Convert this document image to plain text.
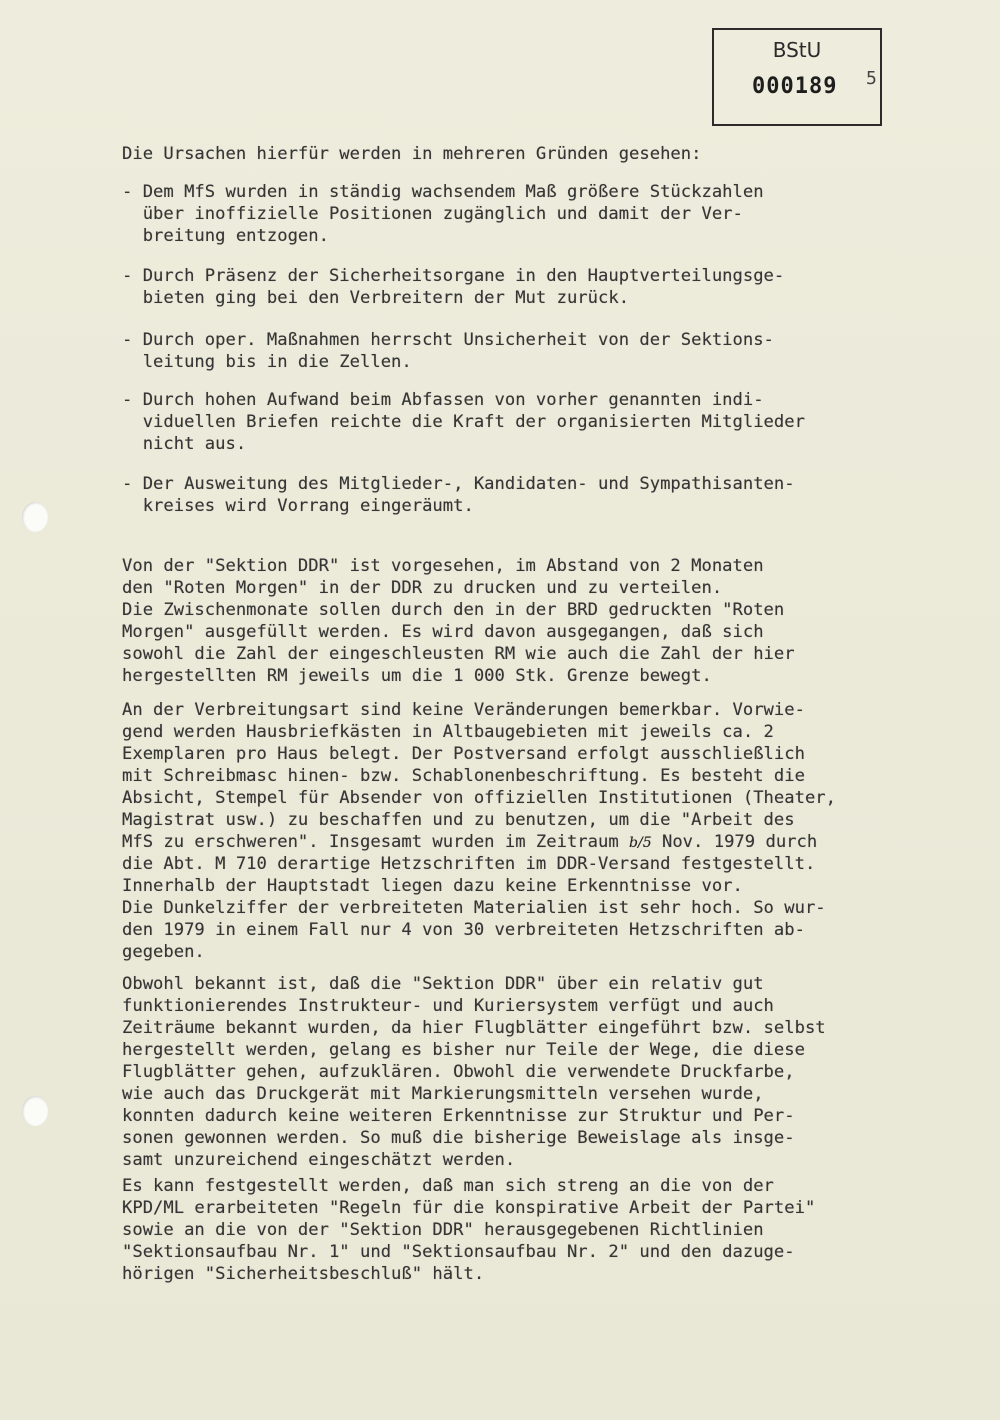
BStU
000189 5
Die Ursachen hierfür werden in mehreren Gründen gesehen:
- Dem MfS wurden in ständig wachsendem Maß größere Stückzahlen
über inoffizielle Positionen zugänglich und damit der Ver-
breitung entzogen.
- Durch Präsenz der Sicherheitsorgane in den Hauptverteilungsge-
bieten ging bei den Verbreitern der Mut zurück.
- Durch oper. Maßnahmen herrscht Unsicherheit von der Sektions-
leitung bis in die Zellen.
- Durch hohen Aufwand beim Abfassen von vorher genannten indi-
viduellen Briefen reichte die Kraft der organisierten Mitglieder
nicht aus.
- Der Ausweitung des Mitglieder-, Kandidaten- und Sympathisanten-
kreises wird Vorrang eingeräumt.
Von der "Sektion DDR" ist vorgesehen, im Abstand von 2 Monaten
den "Roten Morgen" in der DDR zu drucken und zu verteilen.
Die Zwischenmonate sollen durch den in der BRD gedruckten "Roten
Morgen" ausgefüllt werden. Es wird davon ausgegangen, daß sich
sowohl die Zahl der eingeschleusten RM wie auch die Zahl der hier
hergestellten RM jeweils um die 1 000 Stk. Grenze bewegt.
An der Verbreitungsart sind keine Veränderungen bemerkbar. Vorwie-
gend werden Hausbriefkästen in Altbaugebieten mit jeweils ca. 2
Exemplaren pro Haus belegt. Der Postversand erfolgt ausschließlich
mit Schreibmasc hinen- bzw. Schablonenbeschriftung. Es besteht die
Absicht, Stempel für Absender von offiziellen Institutionen (Theater,
Magistrat usw.) zu beschaffen und zu benutzen, um die "Arbeit des
MfS zu erschweren". Insgesamt wurden im Zeitraum b/5 Nov. 1979 durch
die Abt. M 710 derartige Hetzschriften im DDR-Versand festgestellt.
Innerhalb der Hauptstadt liegen dazu keine Erkenntnisse vor.
Die Dunkelziffer der verbreiteten Materialien ist sehr hoch. So wur-
den 1979 in einem Fall nur 4 von 30 verbreiteten Hetzschriften ab-
gegeben.
Obwohl bekannt ist, daß die "Sektion DDR" über ein relativ gut
funktionierendes Instrukteur- und Kuriersystem verfügt und auch
Zeiträume bekannt wurden, da hier Flugblätter eingeführt bzw. selbst
hergestellt werden, gelang es bisher nur Teile der Wege, die diese
Flugblätter gehen, aufzuklären. Obwohl die verwendete Druckfarbe,
wie auch das Druckgerät mit Markierungsmitteln versehen wurde,
konnten dadurch keine weiteren Erkenntnisse zur Struktur und Per-
sonen gewonnen werden. So muß die bisherige Beweislage als insge-
samt unzureichend eingeschätzt werden.
Es kann festgestellt werden, daß man sich streng an die von der
KPD/ML erarbeiteten "Regeln für die konspirative Arbeit der Partei"
sowie an die von der "Sektion DDR" herausgegebenen Richtlinien
"Sektionsaufbau Nr. 1" und "Sektionsaufbau Nr. 2" und den dazuge-
hörigen "Sicherheitsbeschluß" hält.
